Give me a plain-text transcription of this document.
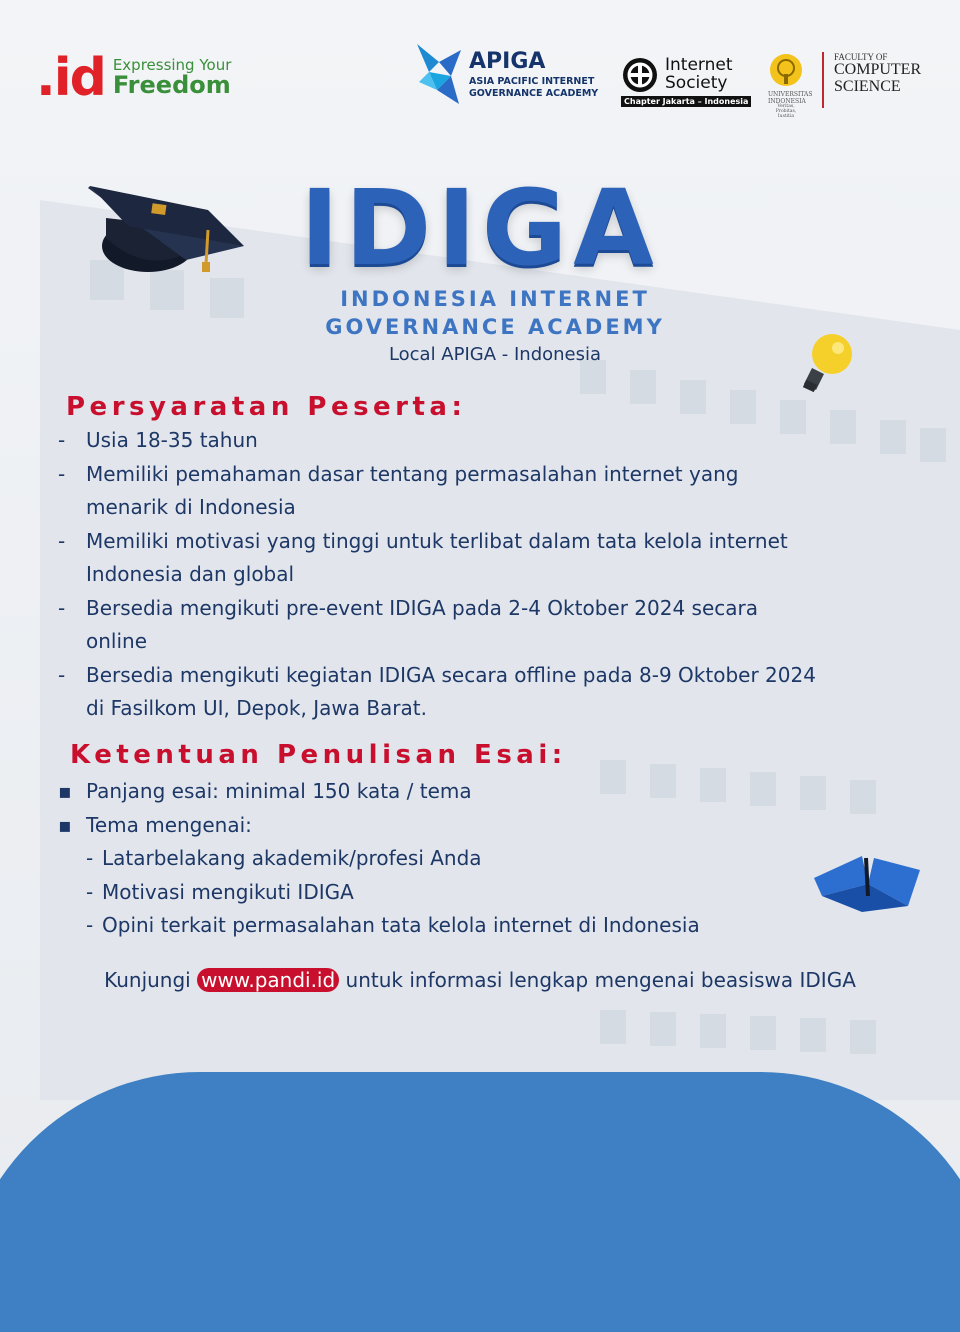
.id Expressing Your
Freedom
APIGA
ASIA PACIFIC INTERNET
GOVERNANCE ACADEMY
Internet
Society
Chapter Jakarta – Indonesia
UNIVERSITAS
INDONESIA
Veritas, Probitas, Iustitia
FACULTY OF
COMPUTER
SCIENCE
IDIGA
INDONESIA INTERNET
GOVERNANCE ACADEMY
Local APIGA - Indonesia
Persyaratan Peserta:
-	Usia 18-35 tahun
-	Memiliki pemahaman dasar tentang permasalahan internet yang
menarik di Indonesia
-	Memiliki motivasi yang tinggi untuk terlibat dalam tata kelola internet
Indonesia dan global
-	Bersedia mengikuti pre-event IDIGA pada 2-4 Oktober 2024 secara
online
-	Bersedia mengikuti kegiatan IDIGA secara offline pada 8-9 Oktober 2024
di Fasilkom UI, Depok, Jawa Barat.
Ketentuan Penulisan Esai:
▪ Panjang esai: minimal 150 kata / tema
▪ Tema mengenai:
- Latarbelakang akademik/profesi Anda
- Motivasi mengikuti IDIGA
- Opini terkait permasalahan tata kelola internet di Indonesia
Kunjungi www.pandi.id untuk informasi lengkap mengenai beasiswa IDIGA
